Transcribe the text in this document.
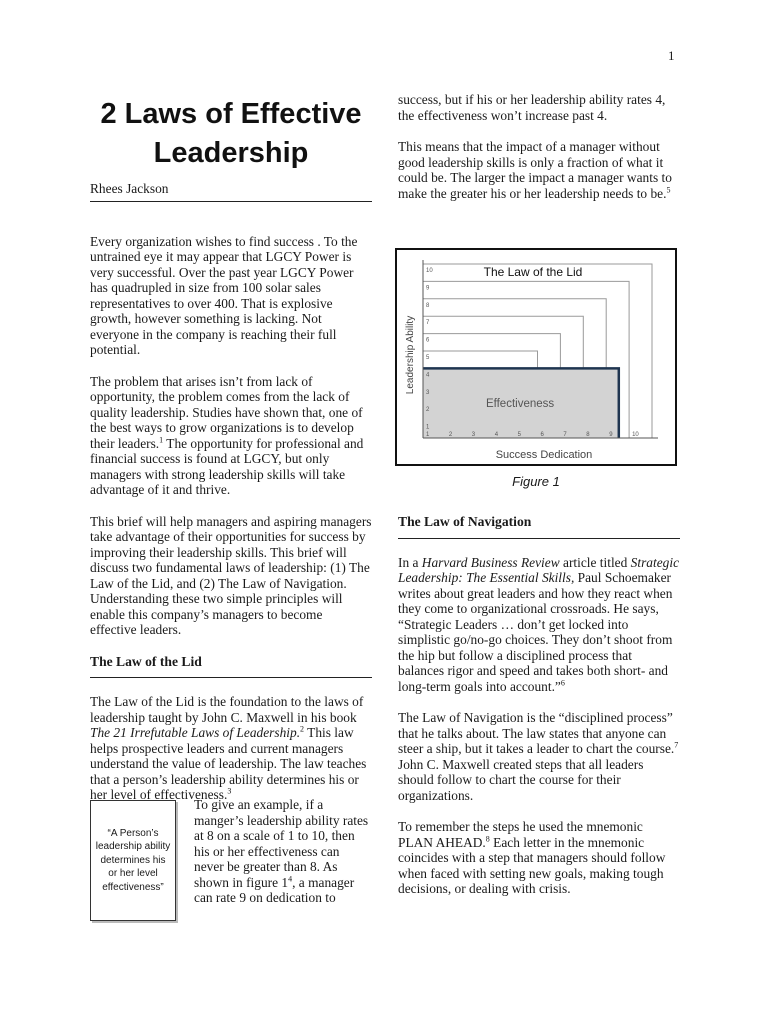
1
2 Laws of Effective
Leadership

Rhees Jackson

Every organization wishes to find success . To the untrained eye it may appear that LGCY Power is very successful. Over the past year LGCY Power has quadrupled in size from 100 solar sales representatives to over 400. That is explosive growth, however something is lacking. Not everyone in the company is reaching their full potential.

The problem that arises isn’t from lack of opportunity, the problem comes from the lack of quality leadership. Studies have shown that, one of the best ways to grow organizations is to develop their leaders.$^1$ The opportunity for professional and financial success is found at LGCY, but only managers with strong leadership skills will take advantage of it and thrive.

This brief will help managers and aspiring managers take advantage of their opportunities for success by improving their leadership skills. This brief will discuss two fundamental laws of leadership: (1) The Law of the Lid, and (2) The Law of Navigation. Understanding these two simple principles will enable this company’s managers to become effective leaders.

The Law of the Lid

The Law of the Lid is the foundation to the laws of leadership taught by John C. Maxwell in his book The 21 Irrefutable Laws of Leadership.$^2$ This law helps prospective leaders and current managers understand the value of leadership. The law teaches that a person’s leadership ability determines his or her level of effectiveness.$^3$

“A Person’s leadership ability determines his or her level effectiveness”
To give an example, if a manger’s leadership ability rates at 8 on a scale of 1 to 10, then his or her effectiveness can never be greater than 8. As shown in figure $1^4$, a manager can rate 9 on dedication to

success, but if his or her leadership ability rates 4, the effectiveness won’t increase past 4.

This means that the impact of a manager without good leadership skills is only a fraction of what it could be. The larger the impact a manager wants to make the greater his or her leadership needs to be.$^5$

1	2	3	4	5	6	7	8	9	10
1
2
3
4
5
6
7
8
9
10	The Law of the Lid
Effectiveness
Success Dedication
Leadership Ability
Figure 1
The Law of Navigation

In a Harvard Business Review article titled Strategic Leadership: The Essential Skills, Paul Schoemaker writes about great leaders and how they react when they come to organizational crossroads. He says, “Strategic Leaders … don’t get locked into simplistic go/no-go choices. They don’t shoot from the hip but follow a disciplined process that balances rigor and speed and takes both short- and long-term goals into account.”$^6$

The Law of Navigation is the “disciplined process” that he talks about. The law states that anyone can steer a ship, but it takes a leader to chart the course.$^7$ John C. Maxwell created steps that all leaders should follow to chart the course for their organizations.

To remember the steps he used the mnemonic PLAN AHEAD.$^8$ Each letter in the mnemonic coincides with a step that managers should follow when faced with setting new goals, making tough decisions, or dealing with crisis.
